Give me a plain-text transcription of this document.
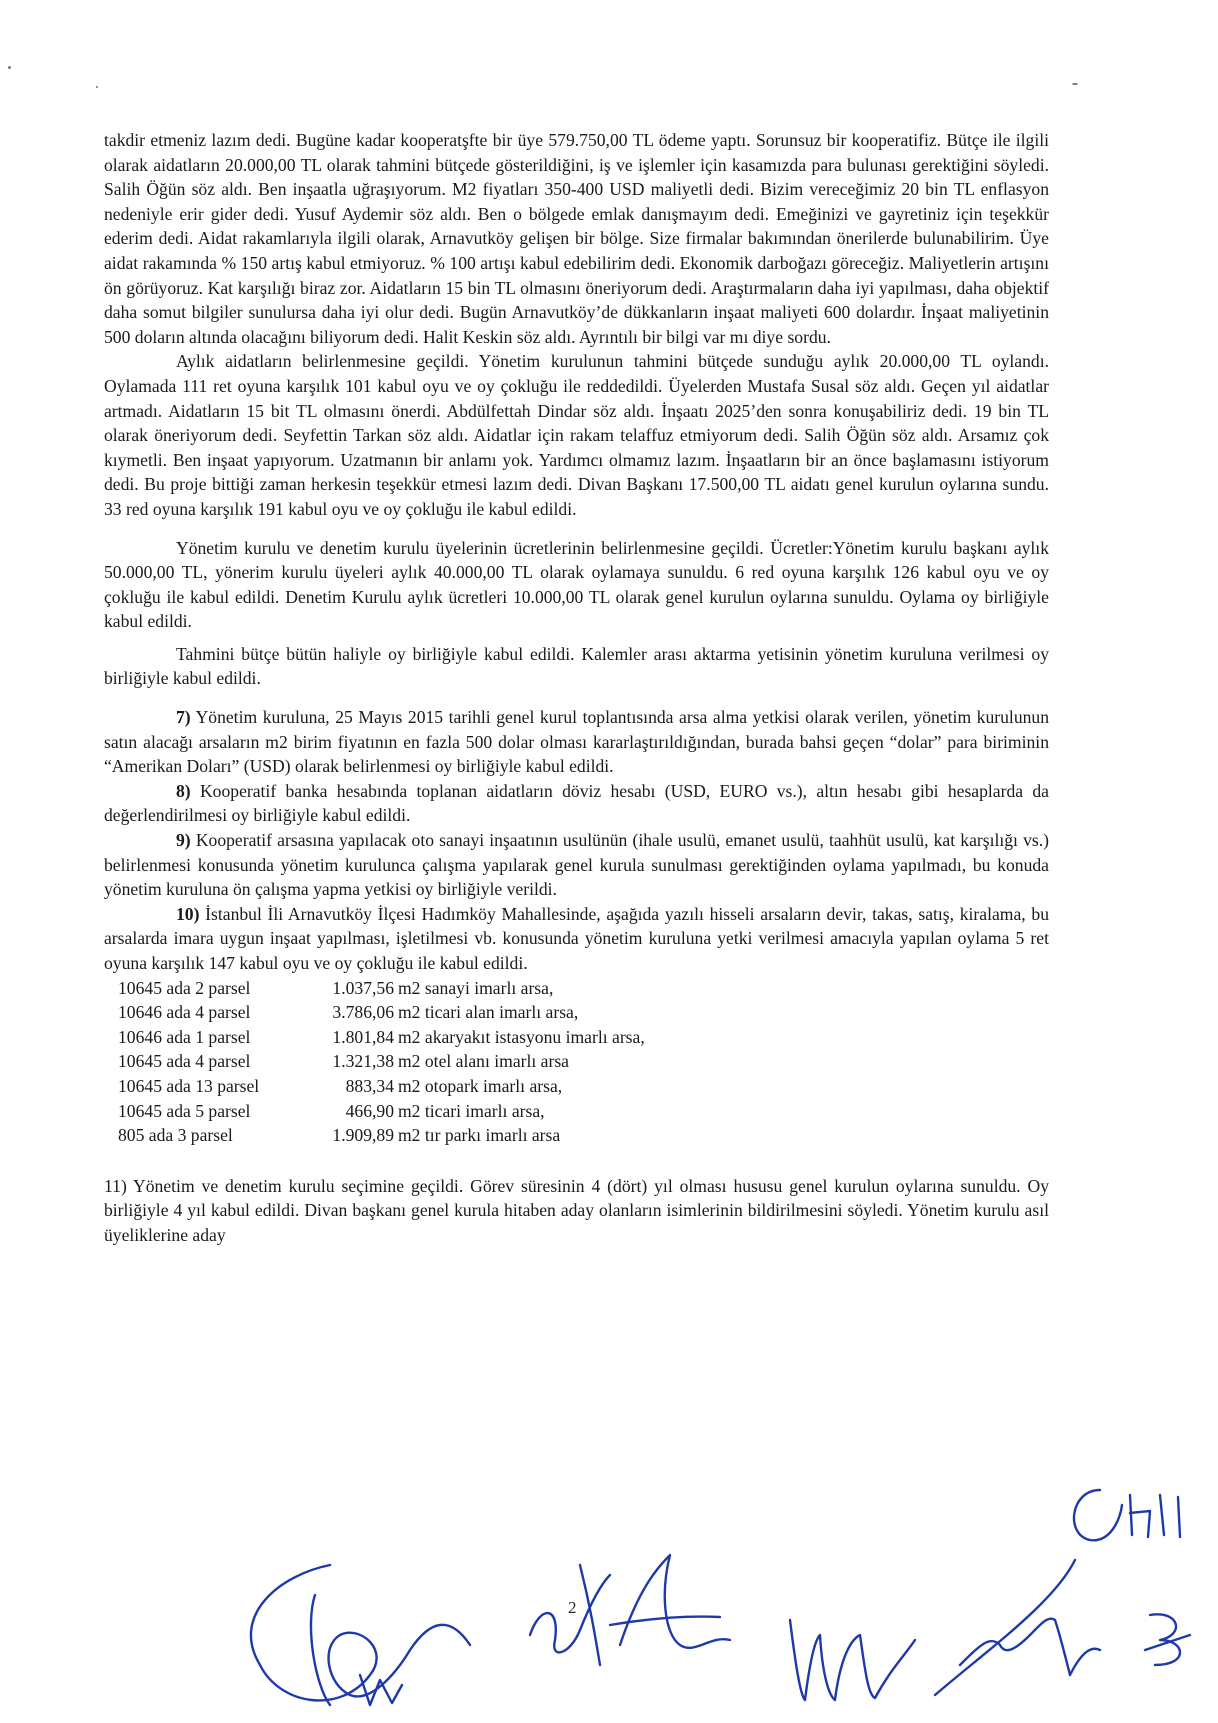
takdir etmeniz lazım dedi. Bugüne kadar kooperatşfte bir üye 579.750,00 TL ödeme yaptı. Sorunsuz bir kooperatifiz. Bütçe ile ilgili olarak aidatların 20.000,00 TL olarak tahmini bütçede gösterildiğini, iş ve işlemler için kasamızda para bulunası gerektiğini söyledi. Salih Öğün söz aldı. Ben inşaatla uğraşıyorum. M2 fiyatları 350-400 USD maliyetli dedi. Bizim vereceğimiz 20 bin TL enflasyon nedeniyle erir gider dedi. Yusuf Aydemir söz aldı. Ben o bölgede emlak danışmayım dedi. Emeğinizi ve gayretiniz için teşekkür ederim dedi. Aidat rakamlarıyla ilgili olarak, Arnavutköy gelişen bir bölge. Size firmalar bakımından önerilerde bulunabilirim. Üye aidat rakamında % 150 artış kabul etmiyoruz. % 100 artışı kabul edebilirim dedi. Ekonomik darboğazı göreceğiz. Maliyetlerin artışını ön görüyoruz. Kat karşılığı biraz zor. Aidatların 15 bin TL olmasını öneriyorum dedi. Araştırmaların daha iyi yapılması, daha objektif daha somut bilgiler sunulursa daha iyi olur dedi. Bugün Arnavutköy’de dükkanların inşaat maliyeti 600 dolardır. İnşaat maliyetinin 500 doların altında olacağını biliyorum dedi. Halit Keskin söz aldı. Ayrıntılı bir bilgi var mı diye sordu.

Aylık aidatların belirlenmesine geçildi. Yönetim kurulunun tahmini bütçede sunduğu aylık 20.000,00 TL oylandı. Oylamada 111 ret oyuna karşılık 101 kabul oyu ve oy çokluğu ile reddedildi. Üyelerden Mustafa Susal söz aldı. Geçen yıl aidatlar artmadı. Aidatların 15 bit TL olmasını önerdi. Abdülfettah Dindar söz aldı. İnşaatı 2025’den sonra konuşabiliriz dedi. 19 bin TL olarak öneriyorum dedi. Seyfettin Tarkan söz aldı. Aidatlar için rakam telaffuz etmiyorum dedi. Salih Öğün söz aldı. Arsamız çok kıymetli. Ben inşaat yapıyorum. Uzatmanın bir anlamı yok. Yardımcı olmamız lazım. İnşaatların bir an önce başlamasını istiyorum dedi. Bu proje bittiği zaman herkesin teşekkür etmesi lazım dedi. Divan Başkanı 17.500,00 TL aidatı genel kurulun oylarına sundu. 33 red oyuna karşılık 191 kabul oyu ve oy çokluğu ile kabul edildi.

Yönetim kurulu ve denetim kurulu üyelerinin ücretlerinin belirlenmesine geçildi. Ücretler:Yönetim kurulu başkanı aylık 50.000,00 TL, yönerim kurulu üyeleri aylık 40.000,00 TL olarak oylamaya sunuldu. 6 red oyuna karşılık 126 kabul oyu ve oy çokluğu ile kabul edildi. Denetim Kurulu aylık ücretleri 10.000,00 TL olarak genel kurulun oylarına sunuldu. Oylama oy birliğiyle kabul edildi.

Tahmini bütçe bütün haliyle oy birliğiyle kabul edildi. Kalemler arası aktarma yetisinin yönetim kuruluna verilmesi oy birliğiyle kabul edildi.

7) Yönetim kuruluna, 25 Mayıs 2015 tarihli genel kurul toplantısında arsa alma yetkisi olarak verilen, yönetim kurulunun satın alacağı arsaların m2 birim fiyatının en fazla 500 dolar olması kararlaştırıldığından, burada bahsi geçen “dolar” para biriminin “Amerikan Doları” (USD) olarak belirlenmesi oy birliğiyle kabul edildi.

8) Kooperatif banka hesabında toplanan aidatların döviz hesabı (USD, EURO vs.), altın hesabı gibi hesaplarda da değerlendirilmesi oy birliğiyle kabul edildi.

9) Kooperatif arsasına yapılacak oto sanayi inşaatının usulünün (ihale usulü, emanet usulü, taahhüt usulü, kat karşılığı vs.) belirlenmesi konusunda yönetim kurulunca çalışma yapılarak genel kurula sunulması gerektiğinden oylama yapılmadı, bu konuda yönetim kuruluna ön çalışma yapma yetkisi oy birliğiyle verildi.

10) İstanbul İli Arnavutköy İlçesi Hadımköy Mahallesinde, aşağıda yazılı hisseli arsaların devir, takas, satış, kiralama, bu arsalarda imara uygun inşaat yapılması, işletilmesi vb. konusunda yönetim kuruluna yetki verilmesi amacıyla yapılan oylama 5 ret oyuna karşılık 147 kabul oyu ve oy çokluğu ile kabul edildi.

10645 ada 2 parsel	1.037,56	m2 sanayi imarlı arsa,
10646 ada 4 parsel	3.786,06	m2 ticari alan imarlı arsa,
10646 ada 1 parsel	1.801,84	m2 akaryakıt istasyonu imarlı arsa,
10645 ada 4 parsel	1.321,38	m2 otel alanı imarlı arsa
10645 ada 13 parsel	883,34	m2 otopark imarlı arsa,
10645 ada 5 parsel	466,90	m2 ticari imarlı arsa,
805 ada 3 parsel	1.909,89	m2 tır parkı imarlı arsa

11) Yönetim ve denetim kurulu seçimine geçildi. Görev süresinin 4 (dört) yıl olması hususu genel kurulun oylarına sunuldu. Oy birliğiyle 4 yıl kabul edildi. Divan başkanı genel kurula hitaben aday olanların isimlerinin bildirilmesini söyledi. Yönetim kurulu asıl üyeliklerine aday

2
